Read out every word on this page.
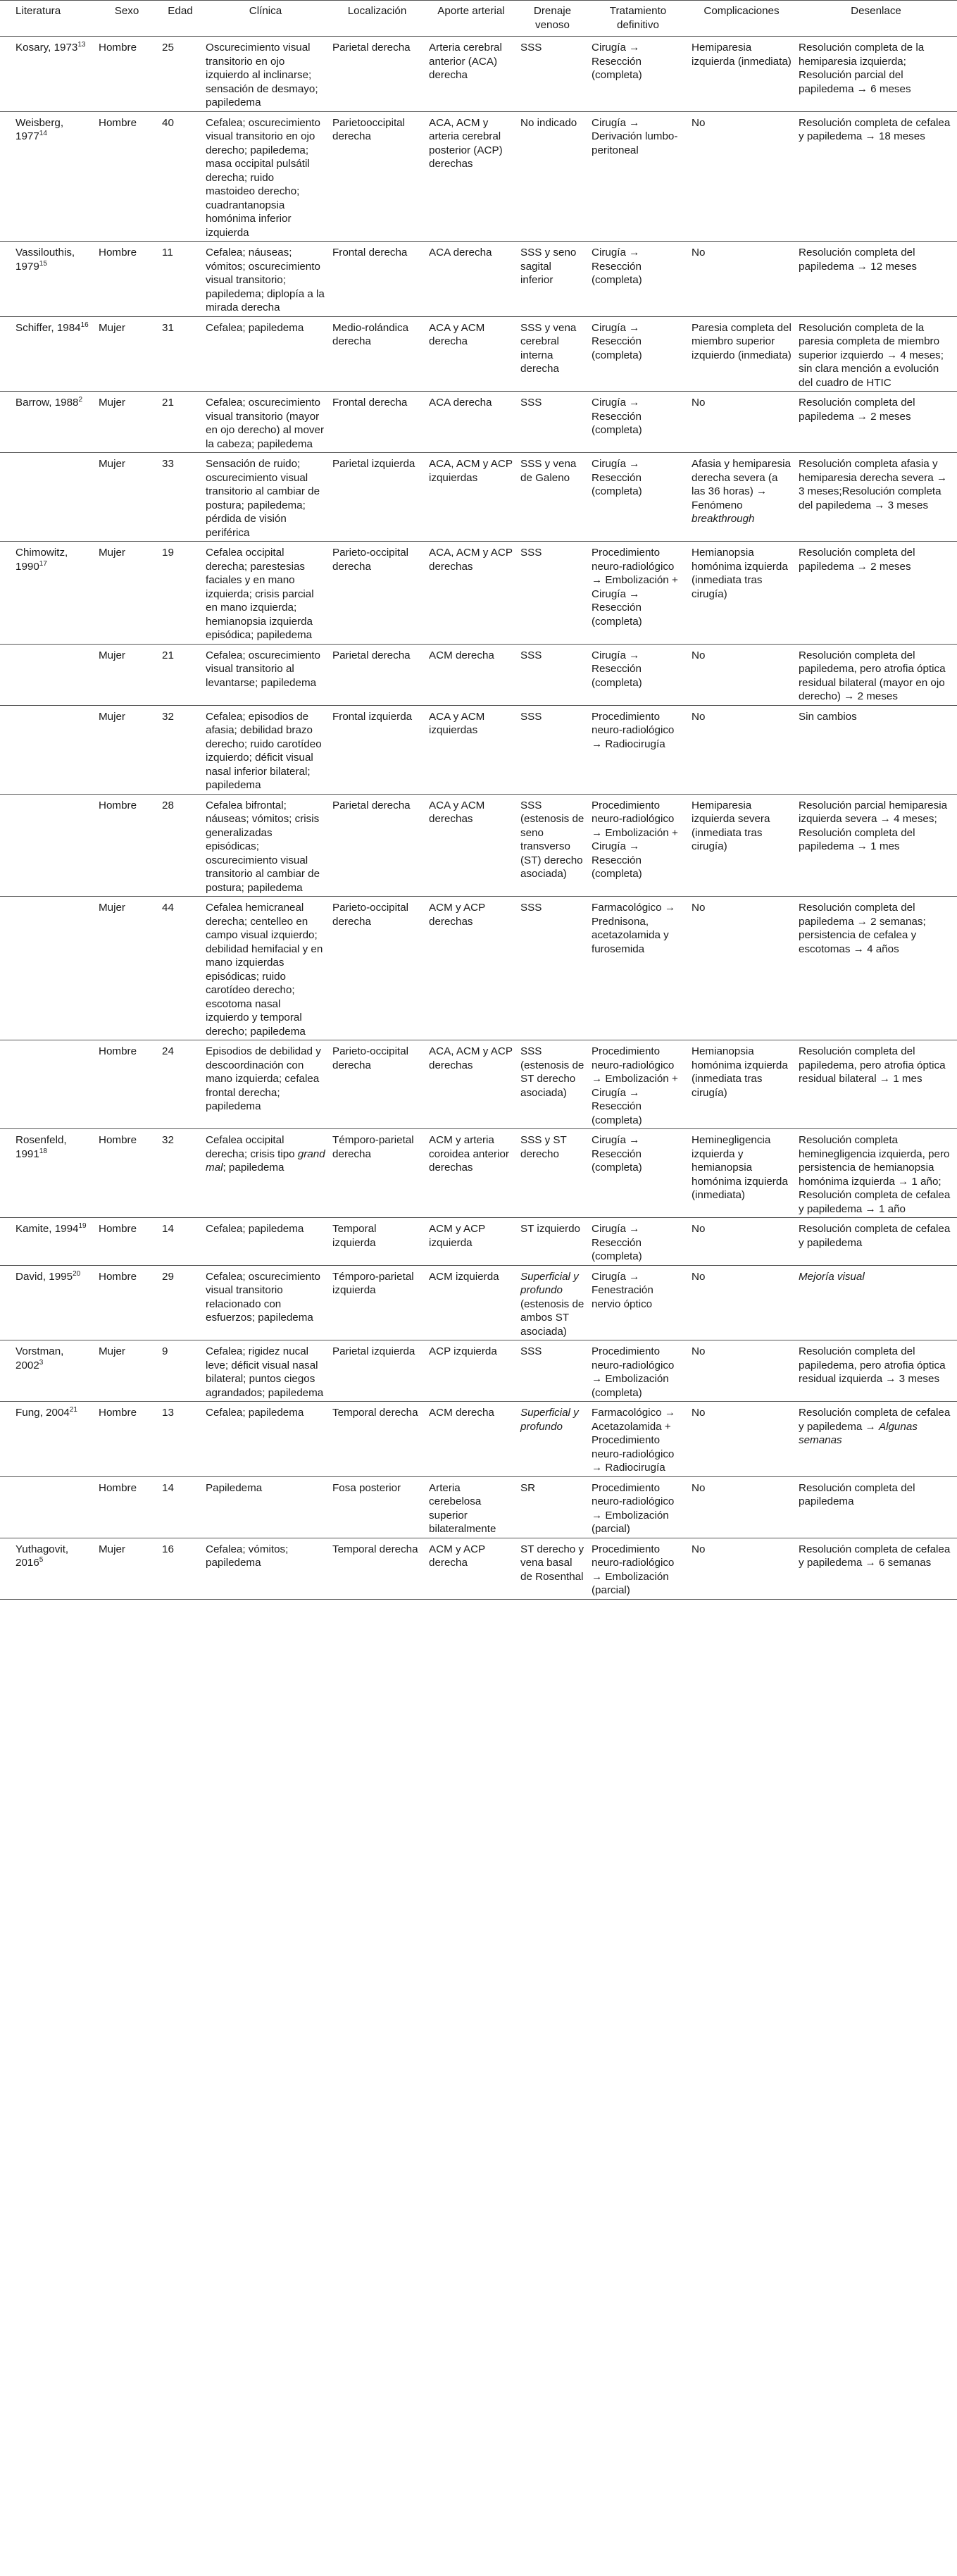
Literatura	Sexo	Edad	Clínica	Localización	Aporte arterial	Drenaje venoso	Tratamiento definitivo	Complicaciones	Desenlace
Kosary, 1973$^{13}$	Hombre	25	Oscurecimiento visual transitorio en ojo izquierdo al inclinarse; sensación de desmayo; papiledema	Parietal derecha	Arteria cerebral anterior (ACA) derecha	SSS	Cirugía → Resección (completa)	Hemiparesia izquierda (inmediata)	Resolución completa de la hemiparesia izquierda; Resolución parcial del papiledema → 6 meses
Weisberg, 1977$^{14}$	Hombre	40	Cefalea; oscurecimiento visual transitorio en ojo derecho; papiledema; masa occipital pulsátil derecha; ruido mastoideo derecho; cuadrantanopsia homónima inferior izquierda	Parietooccipital derecha	ACA, ACM y arteria cerebral posterior (ACP) derechas	No indicado	Cirugía → Derivación lumbo-peritoneal	No	Resolución completa de cefalea y papiledema → 18 meses
Vassilouthis, 1979$^{15}$	Hombre	11	Cefalea; náuseas; vómitos; oscurecimiento visual transitorio; papiledema; diplopía a la mirada derecha	Frontal derecha	ACA derecha	SSS y seno sagital inferior	Cirugía → Resección (completa)	No	Resolución completa del papiledema → 12 meses
Schiffer, 1984$^{16}$	Mujer	31	Cefalea; papiledema	Medio-rolándica derecha	ACA y ACM derecha	SSS y vena cerebral interna derecha	Cirugía → Resección (completa)	Paresia completa del miembro superior izquierdo (inmediata)	Resolución completa de la paresia completa de miembro superior izquierdo → 4 meses; sin clara mención a evolución del cuadro de HTIC
Barrow, 1988$^2$	Mujer	21	Cefalea; oscurecimiento visual transitorio (mayor en ojo derecho) al mover la cabeza; papiledema	Frontal derecha	ACA derecha	SSS	Cirugía → Resección (completa)	No	Resolución completa del papiledema → 2 meses
	Mujer	33	Sensación de ruido; oscurecimiento visual transitorio al cambiar de postura; papiledema; pérdida de visión periférica	Parietal izquierda	ACA, ACM y ACP izquierdas	SSS y vena de Galeno	Cirugía → Resección (completa)	Afasia y hemiparesia derecha severa (a las 36 horas) → Fenómeno breakthrough	Resolución completa afasia y hemiparesia derecha severa → 3 meses;Resolución completa del papiledema → 3 meses
Chimowitz, 1990$^{17}$	Mujer	19	Cefalea occipital derecha; parestesias faciales y en mano izquierda; crisis parcial en mano izquierda; hemianopsia izquierda episódica; papiledema	Parieto-occipital derecha	ACA, ACM y ACP derechas	SSS	Procedimiento neuro-radiológico → Embolización + Cirugía → Resección (completa)	Hemianopsia homónima izquierda (inmediata tras cirugía)	Resolución completa del papiledema → 2 meses
	Mujer	21	Cefalea; oscurecimiento visual transitorio al levantarse; papiledema	Parietal derecha	ACM derecha	SSS	Cirugía → Resección (completa)	No	Resolución completa del papiledema, pero atrofia óptica residual bilateral (mayor en ojo derecho) → 2 meses
	Mujer	32	Cefalea; episodios de afasia; debilidad brazo derecho; ruido carotídeo izquierdo; déficit visual nasal inferior bilateral; papiledema	Frontal izquierda	ACA y ACM izquierdas	SSS	Procedimiento neuro-radiológico → Radiocirugía	No	Sin cambios
	Hombre	28	Cefalea bifrontal; náuseas; vómitos; crisis generalizadas episódicas; oscurecimiento visual transitorio al cambiar de postura; papiledema	Parietal derecha	ACA y ACM derechas	SSS (estenosis de seno transverso (ST) derecho asociada)	Procedimiento neuro-radiológico → Embolización + Cirugía → Resección (completa)	Hemiparesia izquierda severa (inmediata tras cirugía)	Resolución parcial hemiparesia izquierda severa → 4 meses; Resolución completa del papiledema → 1 mes
	Mujer	44	Cefalea hemicraneal derecha; centelleo en campo visual izquierdo; debilidad hemifacial y en mano izquierdas episódicas; ruido carotídeo derecho; escotoma nasal izquierdo y temporal derecho; papiledema	Parieto-occipital derecha	ACM y ACP derechas	SSS	Farmacológico → Prednisona, acetazolamida y furosemida	No	Resolución completa del papiledema → 2 semanas; persistencia de cefalea y escotomas → 4 años
	Hombre	24	Episodios de debilidad y descoordinación con mano izquierda; cefalea frontal derecha; papiledema	Parieto-occipital derecha	ACA, ACM y ACP derechas	SSS (estenosis de ST derecho asociada)	Procedimiento neuro-radiológico → Embolización + Cirugía → Resección (completa)	Hemianopsia homónima izquierda (inmediata tras cirugía)	Resolución completa del papiledema, pero atrofia óptica residual bilateral → 1 mes
Rosenfeld, 1991$^{18}$	Hombre	32	Cefalea occipital derecha; crisis tipo grand mal; papiledema	Témporo-parietal derecha	ACM y arteria coroidea anterior derechas	SSS y ST derecho	Cirugía → Resección (completa)	Heminegligencia izquierda y hemianopsia homónima izquierda (inmediata)	Resolución completa heminegligencia izquierda, pero persistencia de hemianopsia homónima izquierda → 1 año; Resolución completa de cefalea y papiledema → 1 año
Kamite, 1994$^{19}$	Hombre	14	Cefalea; papiledema	Temporal izquierda	ACM y ACP izquierda	ST izquierdo	Cirugía → Resección (completa)	No	Resolución completa de cefalea y papiledema
David, 1995$^{20}$	Hombre	29	Cefalea; oscurecimiento visual transitorio relacionado con esfuerzos; papiledema	Témporo-parietal izquierda	ACM izquierda	Superficial y profundo (estenosis de ambos ST asociada)	Cirugía → Fenestración nervio óptico	No	Mejoría visual
Vorstman, 2002$^3$	Mujer	9	Cefalea; rigidez nucal leve; déficit visual nasal bilateral; puntos ciegos agrandados; papiledema	Parietal izquierda	ACP izquierda	SSS	Procedimiento neuro-radiológico → Embolización (completa)	No	Resolución completa del papiledema, pero atrofia óptica residual izquierda → 3 meses
Fung, 2004$^{21}$	Hombre	13	Cefalea; papiledema	Temporal derecha	ACM derecha	Superficial y profundo	Farmacológico → Acetazolamida + Procedimiento neuro-radiológico → Radiocirugía	No	Resolución completa de cefalea y papiledema → Algunas semanas
	Hombre	14	Papiledema	Fosa posterior	Arteria cerebelosa superior bilateralmente	SR	Procedimiento neuro-radiológico → Embolización (parcial)	No	Resolución completa del papiledema
Yuthagovit, 2016$^5$	Mujer	16	Cefalea; vómitos; papiledema	Temporal derecha	ACM y ACP derecha	ST derecho y vena basal de Rosenthal	Procedimiento neuro-radiológico → Embolización (parcial)	No	Resolución completa de cefalea y papiledema → 6 semanas
